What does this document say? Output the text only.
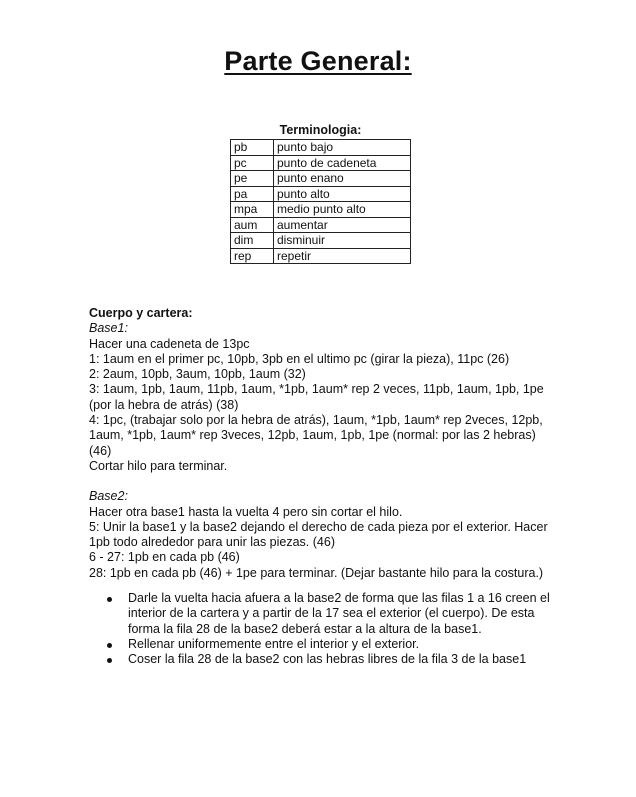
Parte General:
Terminologia:
pb	punto bajo
pc	punto de cadeneta
pe	punto enano
pa	punto alto
mpa	medio punto alto
aum	aumentar
dim	disminuir
rep	repetir

Cuerpo y cartera:

Base1:

Hacer una cadeneta de 13pc

1: 1aum en el primer pc, 10pb, 3pb en el ultimo pc (girar la pieza), 11pc (26)

2: 2aum, 10pb, 3aum, 10pb, 1aum (32)

3: 1aum, 1pb, 1aum, 11pb, 1aum, *1pb, 1aum* rep 2 veces, 11pb, 1aum, 1pb, 1pe (por la hebra de atrás) (38)

4: 1pc, (trabajar solo por la hebra de atrás), 1aum, *1pb, 1aum* rep 2veces, 12pb, 1aum, *1pb, 1aum* rep 3veces, 12pb, 1aum, 1pb, 1pe (normal: por las 2 hebras) (46)

Cortar hilo para terminar.

Base2:

Hacer otra base1 hasta la vuelta 4 pero sin cortar el hilo.

5: Unir la base1 y la base2 dejando el derecho de cada pieza por el exterior. Hacer 1pb todo alrededor para unir las piezas. (46)

6 - 27: 1pb en cada pb (46)

28: 1pb en cada pb (46) + 1pe para terminar. (Dejar bastante hilo para la costura.)

Darle la vuelta hacia afuera a la base2 de forma que las filas 1 a 16 creen el interior de la cartera y a partir de la 17 sea el exterior (el cuerpo). De esta forma la fila 28 de la base2 deberá estar a la altura de la base1.
Rellenar uniformemente entre el interior y el exterior.
Coser la fila 28 de la base2 con las hebras libres de la fila 3 de la base1
